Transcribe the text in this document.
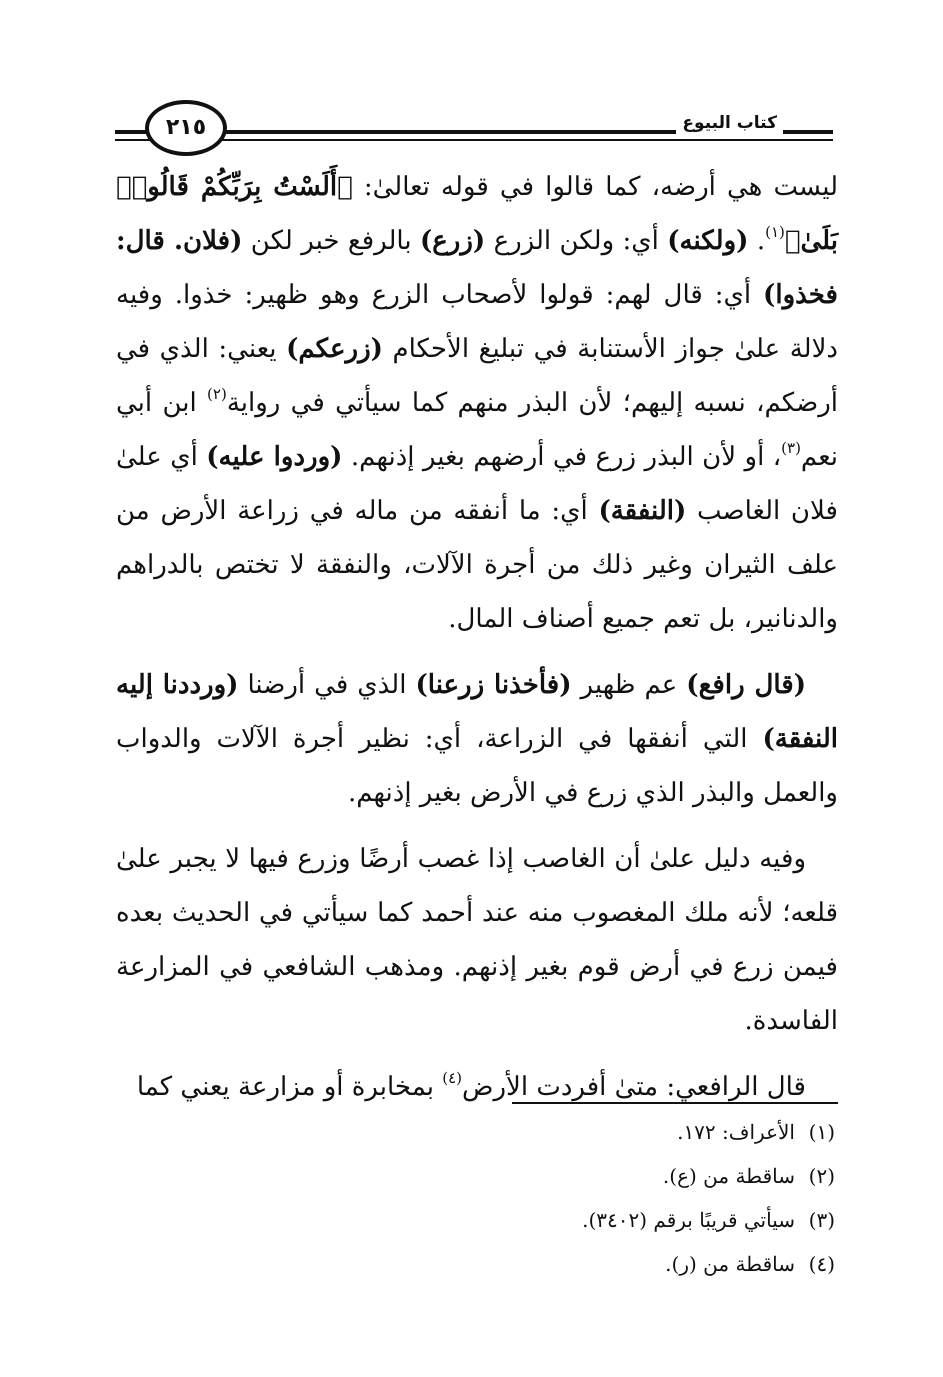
كتاب البيوع
٢١٥

ليست هي أرضه، كما قالوا في قوله تعالىٰ: ﴿أَلَسْتُ بِرَبِّكُمْ قَالُوا۟ بَلَىٰ﴾$^{(١)}$. (ولكنه) أي: ولكن الزرع (زرع) بالرفع خبر لكن (فلان. قال: فخذوا) أي: قال لهم: قولوا لأصحاب الزرع وهو ظهير: خذوا. وفيه دلالة علىٰ جواز الأستنابة في تبليغ الأحكام (زرعكم) يعني: الذي في أرضكم، نسبه إليهم؛ لأن البذر منهم كما سيأتي في رواية$^{(٢)}$ ابن أبي نعم$^{(٣)}$، أو لأن البذر زرع في أرضهم بغير إذنهم. (وردوا عليه) أي علىٰ فلان الغاصب (النفقة) أي: ما أنفقه من ماله في زراعة الأرض من علف الثيران وغير ذلك من أجرة الآلات، والنفقة لا تختص بالدراهم والدنانير، بل تعم جميع أصناف المال.

(قال رافع) عم ظهير (فأخذنا زرعنا) الذي في أرضنا (ورددنا إليه النفقة) التي أنفقها في الزراعة، أي: نظير أجرة الآلات والدواب والعمل والبذر الذي زرع في الأرض بغير إذنهم.

وفيه دليل علىٰ أن الغاصب إذا غصب أرضًا وزرع فيها لا يجبر علىٰ قلعه؛ لأنه ملك المغصوب منه عند أحمد كما سيأتي في الحديث بعده فيمن زرع في أرض قوم بغير إذنهم. ومذهب الشافعي في المزارعة الفاسدة.

قال الرافعي: متىٰ أفردت الأرض$^{(٤)}$ بمخابرة أو مزارعة يعني كما

(١)
الأعراف: ١٧٢.
(٢)
ساقطة من (ع).
(٣)
سيأتي قريبًا برقم (٣٤٠٢).
(٤)
ساقطة من (ر).
